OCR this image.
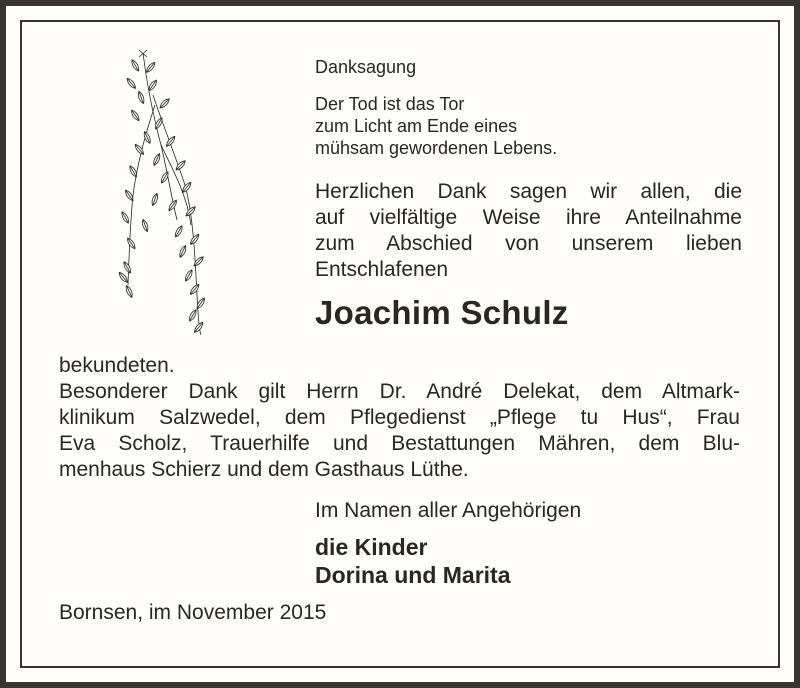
Danksagung

Der Tod ist das Tor
zum Licht am Ende eines
mühsam gewordenen Lebens.

Herzlichen Dank sagen wir allen, die
auf vielfältige Weise ihre Anteilnahme
zum Abschied von unserem lieben
Entschlafenen

Joachim Schulz

bekundeten.
Besonderer Dank gilt Herrn Dr. André Delekat, dem Altmark-
klinikum Salzwedel, dem Pflegedienst „Pflege tu Hus“, Frau
Eva Scholz, Trauerhilfe und Bestattungen Mähren, dem Blu-
menhaus Schierz und dem Gasthaus Lüthe.

Im Namen aller Angehörigen

die Kinder
Dorina und Marita

Bornsen, im November 2015
